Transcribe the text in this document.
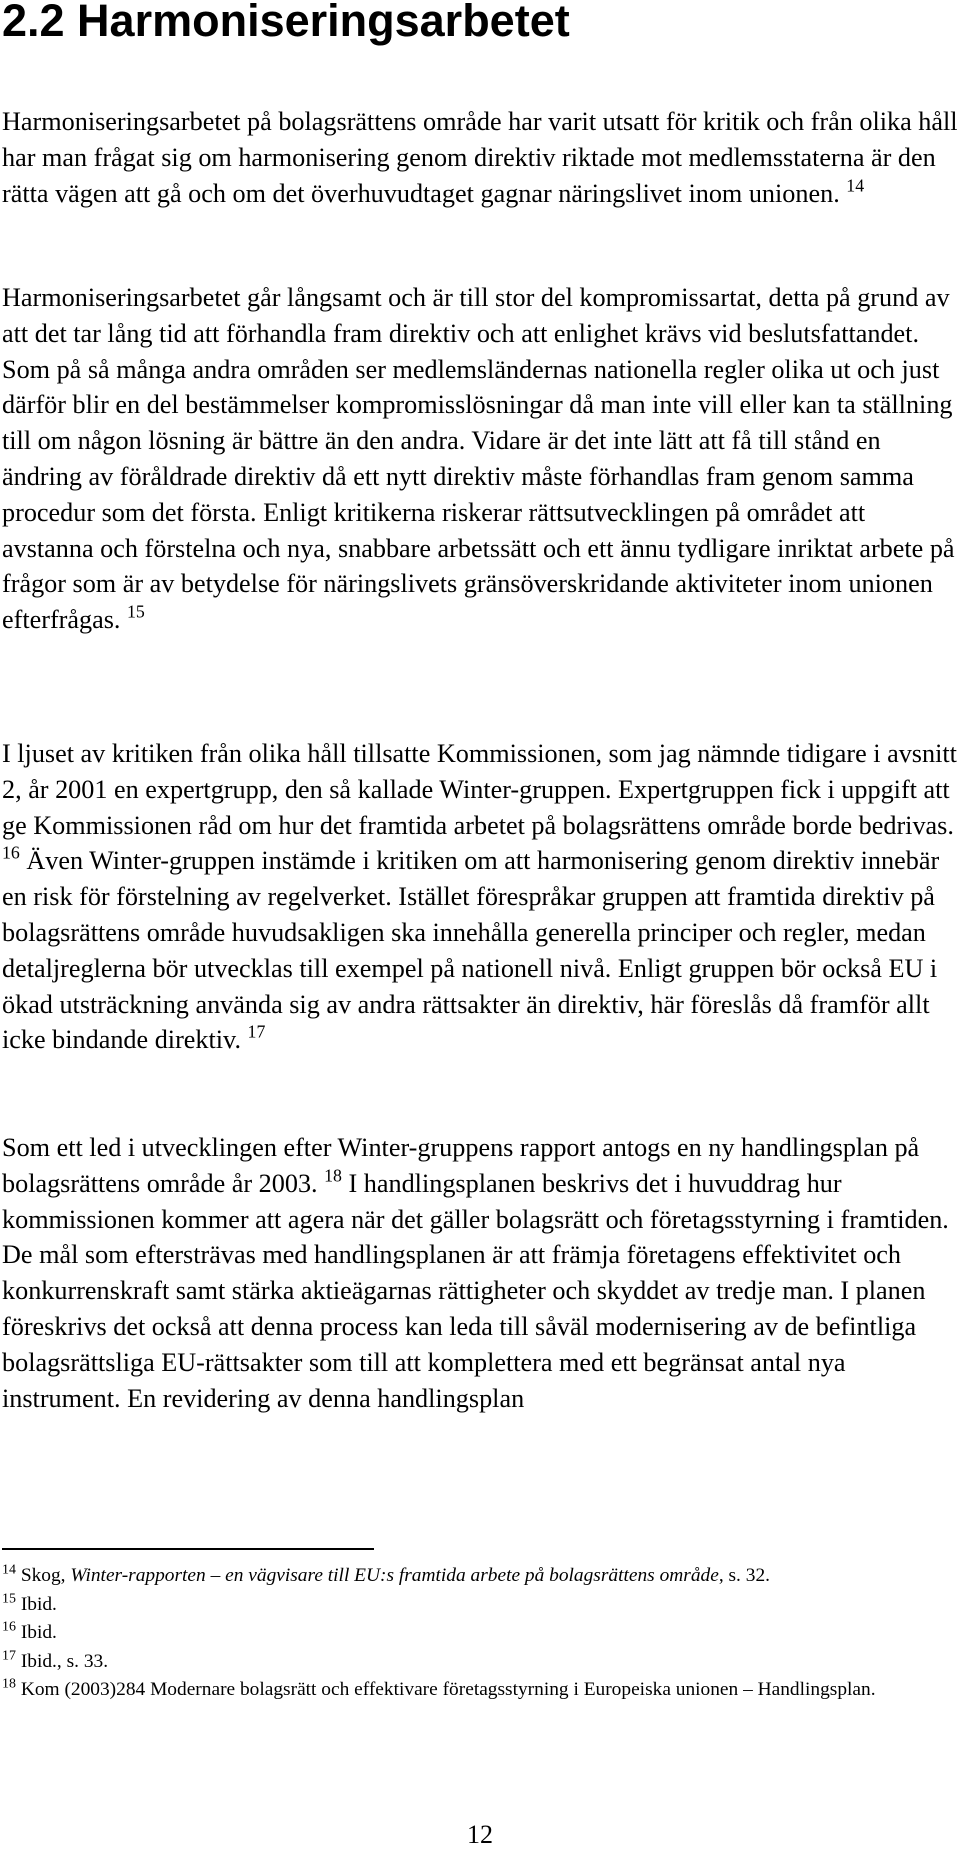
2.2 Harmoniseringsarbetet

Harmoniseringsarbetet på bolagsrättens område har varit utsatt för kritik och från olika håll har man frågat sig om harmonisering genom direktiv riktade mot medlemsstaterna är den rätta vägen att gå och om det överhuvudtaget gagnar näringslivet inom unionen. $^{14}$

Harmoniseringsarbetet går långsamt och är till stor del kompromissartat, detta på grund av att det tar lång tid att förhandla fram direktiv och att enlighet krävs vid beslutsfattandet. Som på så många andra områden ser medlemsländernas nationella regler olika ut och just därför blir en del bestämmelser kompromisslösningar då man inte vill eller kan ta ställning till om någon lösning är bättre än den andra. Vidare är det inte lätt att få till stånd en ändring av föråldrade direktiv då ett nytt direktiv måste förhandlas fram genom samma procedur som det första. Enligt kritikerna riskerar rättsutvecklingen på området att avstanna och förstelna och nya, snabbare arbetssätt och ett ännu tydligare inriktat arbete på frågor som är av betydelse för näringslivets gränsöverskridande aktiviteter inom unionen efterfrågas. $^{15}$

I ljuset av kritiken från olika håll tillsatte Kommissionen, som jag nämnde tidigare i avsnitt 2, år 2001 en expertgrupp, den så kallade Winter-gruppen. Expertgruppen fick i uppgift att ge Kommissionen råd om hur det framtida arbetet på bolagsrättens område borde bedrivas. $^{16}$ Även Winter-gruppen instämde i kritiken om att harmonisering genom direktiv innebär en risk för förstelning av regelverket. Istället förespråkar gruppen att framtida direktiv på bolagsrättens område huvudsakligen ska innehålla generella principer och regler, medan detaljreglerna bör utvecklas till exempel på nationell nivå. Enligt gruppen bör också EU i ökad utsträckning använda sig av andra rättsakter än direktiv, här föreslås då framför allt icke bindande direktiv. $^{17}$

Som ett led i utvecklingen efter Winter-gruppens rapport antogs en ny handlingsplan på bolagsrättens område år 2003. $^{18}$ I handlingsplanen beskrivs det i huvuddrag hur kommissionen kommer att agera när det gäller bolagsrätt och företagsstyrning i framtiden. De mål som eftersträvas med handlingsplanen är att främja företagens effektivitet och konkurrenskraft samt stärka aktieägarnas rättigheter och skyddet av tredje man. I planen föreskrivs det också att denna process kan leda till såväl modernisering av de befintliga bolagsrättsliga EU-rättsakter som till att komplettera med ett begränsat antal nya instrument. En revidering av denna handlingsplan

$^{14}$ Skog, Winter-rapporten – en vägvisare till EU:s framtida arbete på bolagsrättens område, s. 32.

$^{15}$ Ibid.

$^{16}$ Ibid.

$^{17}$ Ibid., s. 33.

$^{18}$ Kom (2003)284 Modernare bolagsrätt och effektivare företagsstyrning i Europeiska unionen – Handlingsplan.

12
